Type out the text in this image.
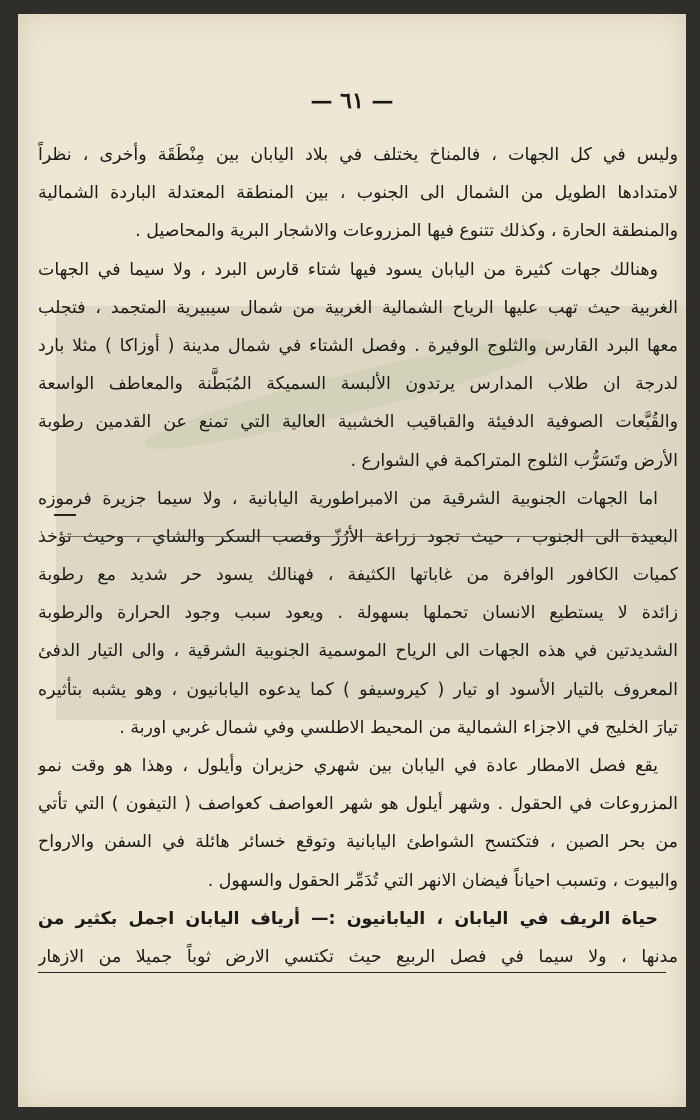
— ٦١ —
وليس في كل الجهات ، فالمناخ يختلف في بلاد اليابان بين مِنْطَقَة وأخرى ، نظراً
لامتدادها الطويل من الشمال الى الجنوب ، بين المنطقة المعتدلة الباردة الشمالية
والمنطقة الحارة ، وكذلك تتنوع فيها المزروعات والاشجار البرية والمحاصيل .
وهنالك جهات كثيرة من اليابان يسود فيها شتاء قارس البرد ، ولا سيما في الجهات
الغربية حيث تهب عليها الرياح الشمالية الغربية من شمال سيبيرية المتجمد ، فتجلب
معها البرد القارس والثلوج الوفيرة . وفصل الشتاء في شمال مدينة ( أوزاكا ) مثلا بارد
لدرجة ان طلاب المدارس يرتدون الألبسة السميكة المُبَطَّنة والمعاطف الواسعة
والقُبَّعات الصوفية الدفيئة والقباقيب الخشبية العالية التي تمنع عن القدمين رطوبة
الأرض وتَسَرُّب الثلوج المتراكمة في الشوارع .
اما الجهات الجنوبية الشرقية من الامبراطورية اليابانية ، ولا سيما جزيرة فرموزه
البعيدة الى الجنوب ، حيث تجود زراعة الأرُزّ وقصب السكر والشاي ، وحيث تؤخذ
كميات الكافور الوافرة من غاباتها الكثيفة ، فهنالك يسود حر شديد مع رطوبة
زائدة لا يستطيع الانسان تحملها بسهولة . ويعود سبب وجود الحرارة والرطوبة
الشديدتين في هذه الجهات الى الرياح الموسمية الجنوبية الشرقية ، والى التيار الدفئ
المعروف بالتيار الأسود او تيار ( كيروسيفو ) كما يدعوه اليابانيون ، وهو يشبه بتأثيره
تيارَ الخليج في الاجزاء الشمالية من المحيط الاطلسي وفي شمال غربي اوربة .
يقع فصل الامطار عادة في اليابان بين شهري حزيران وأيلول ، وهذا هو وقت نمو
المزروعات في الحقول . وشهر أيلول هو شهر العواصف كعواصف ( التيفون ) التي تأتي
من بحر الصين ، فتكتسح الشواطئ اليابانية وتوقع خسائر هائلة في السفن والارواح
والبيوت ، وتسبب احياناً فيضان الانهر التي تُدَمِّر الحقول والسهول .
حياة الريف في اليابان ، اليابانيون :— أرياف اليابان اجمل بكثير من
مدنها ، ولا سيما في فصل الربيع حيث تكتسي الارض ثوباً جميلا من الازهار
